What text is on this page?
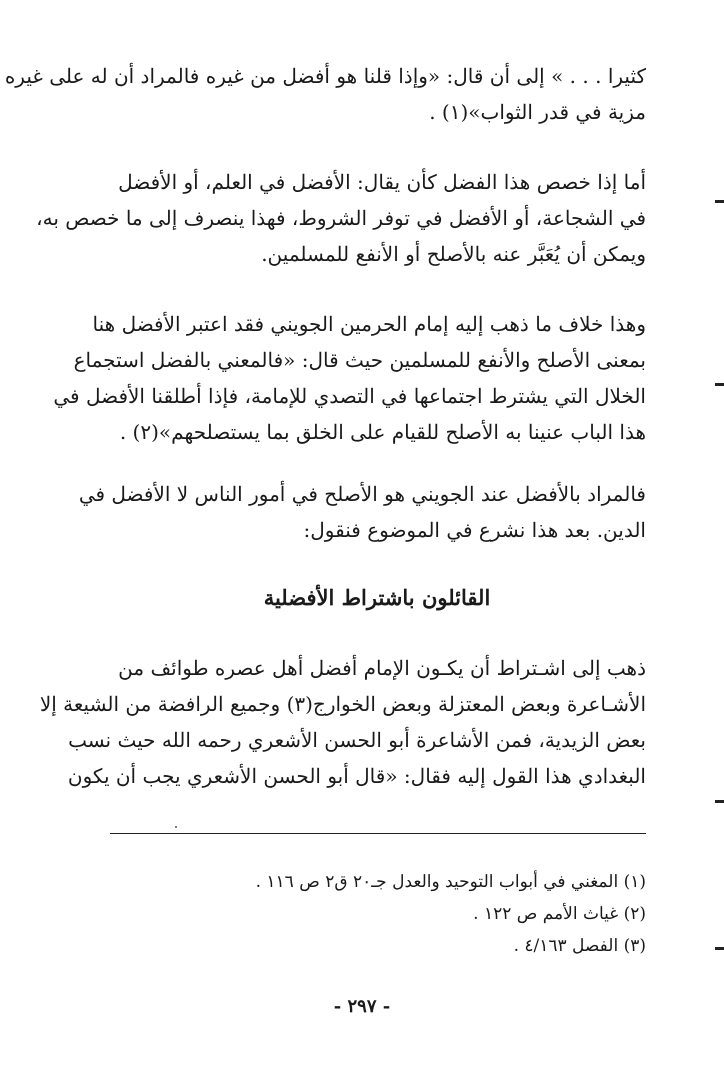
كثيرا . . . » إلى أن قال: «وإذا قلنا هو أفضل من غيره فالمراد أن له على غيره
مزية في قدر الثواب»(١) .

أما إذا خصص هذا الفضل كأن يقال: الأفضل في العلم، أو الأفضل
في الشجاعة، أو الأفضل في توفر الشروط، فهذا ينصرف إلى ما خصص به،
ويمكن أن يُعَبَّر عنه بالأصلح أو الأنفع للمسلمين.

وهذا خلاف ما ذهب إليه إمام الحرمين الجويني فقد اعتبر الأفضل هنا
بمعنى الأصلح والأنفع للمسلمين حيث قال: «فالمعني بالفضل استجماع
الخلال التي يشترط اجتماعها في التصدي للإمامة، فإذا أطلقنا الأفضل في
هذا الباب عنينا به الأصلح للقيام على الخلق بما يستصلحهم»(٢) .

فالمراد بالأفضل عند الجويني هو الأصلح في أمور الناس لا الأفضل في
الدين. بعد هذا نشرع في الموضوع فنقول:

القائلون باشتراط الأفضلية

ذهب إلى اشـتراط أن يكـون الإمام أفضل أهل عصره طوائف من
الأشـاعرة وبعض المعتزلة وبعض الخوارج(٣) وجميع الرافضة من الشيعة إلا
بعض الزيدية، فمن الأشاعرة أبو الحسن الأشعري رحمه الله حيث نسب
البغدادي هذا القول إليه فقال: «قال أبو الحسن الأشعري يجب أن يكون

(١) المغني في أبواب التوحيد والعدل جـ٢٠ ق٢ ص ١١٦ .
(٢) غياث الأمم ص ١٢٢ .
(٣) الفصل ٤/١٦٣ .
- ٢٩٧ -
